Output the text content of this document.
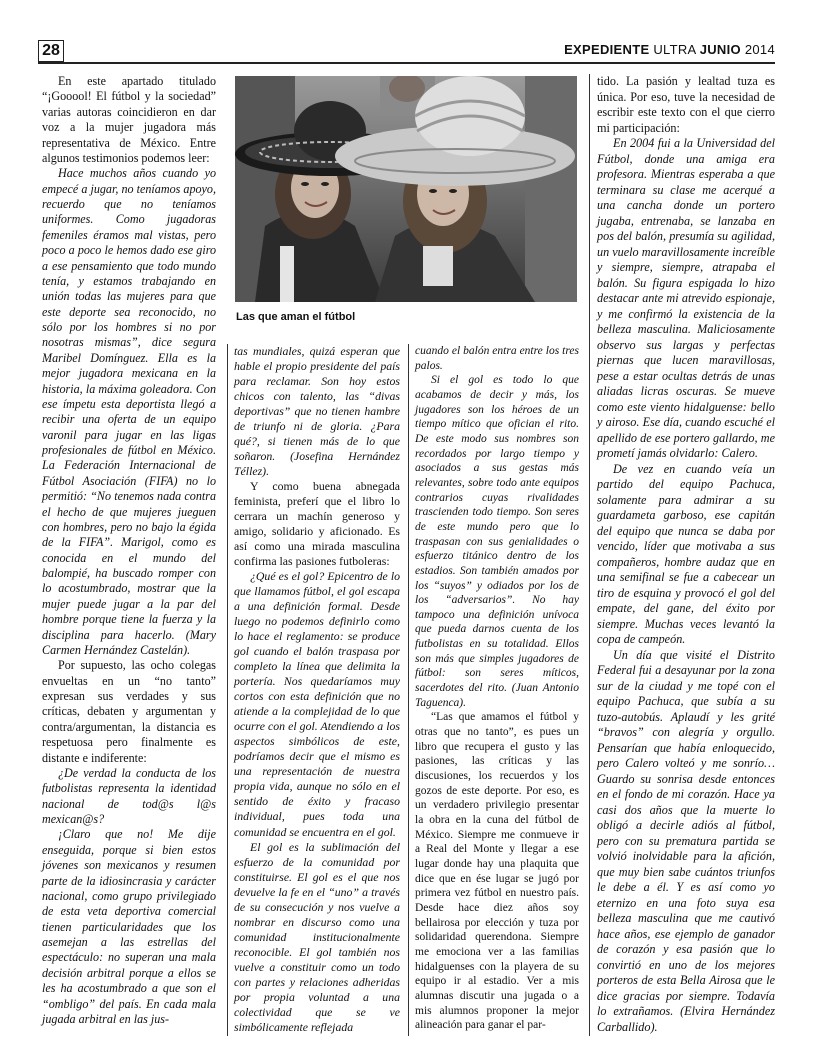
28	EXPEDIENTE ULTRA JUNIO 2014

En este apartado titulado “¡Gooool! El fútbol y la sociedad” varias autoras coincidieron en dar voz a la mujer jugadora más representativa de México. Entre algunos testimonios podemos leer:

Hace muchos años cuando yo empecé a jugar, no teníamos apoyo, recuerdo que no teníamos uniformes. Como jugadoras femeniles éramos mal vistas, pero poco a poco le hemos dado ese giro a ese pensamiento que todo mundo tenía, y estamos trabajando en unión todas las mujeres para que este deporte sea reconocido, no sólo por los hombres si no por nosotras mismas”, dice segura Maribel Domínguez. Ella es la mejor jugadora mexicana en la historia, la máxima goleadora. Con ese ímpetu esta deportista llegó a recibir una oferta de un equipo varonil para jugar en las ligas profesionales de fútbol en México. La Federación Internacional de Fútbol Asociación (FIFA) no lo permitió: “No tenemos nada contra el hecho de que mujeres jueguen con hombres, pero no bajo la égida de la FIFA”. Marigol, como es conocida en el mundo del balompié, ha buscado romper con lo acostumbrado, mostrar que la mujer puede jugar a la par del hombre porque tiene la fuerza y la disciplina para hacerlo. (Mary Carmen Hernández Castelán).

Por supuesto, las ocho colegas envueltas en un “no tanto” expresan sus verdades y sus críticas, debaten y argumentan y contra/argumentan, la distancia es respetuosa pero finalmente es distante e indiferente:

¿De verdad la conducta de los futbolistas representa la identidad nacional de tod@s l@s mexican@s?

¡Claro que no! Me dije enseguida, porque si bien estos jóvenes son mexicanos y resumen parte de la idiosincrasia y carácter nacional, como grupo privilegiado de esta veta deportiva comercial tienen particularidades que los asemejan a las estrellas del espectáculo: no superan una mala decisión arbitral porque a ellos se les ha acostumbrado a que son el “ombligo” del país. En cada mala jugada arbitral en las jus-

Las que aman el fútbol

tas mundiales, quizá esperan que hable el propio presidente del país para reclamar. Son hoy estos chicos con talento, las “divas deportivas” que no tienen hambre de triunfo ni de gloria. ¿Para qué?, si tienen más de lo que soñaron. (Josefina Hernández Téllez).

Y como buena abnegada feminista, preferí que el libro lo cerrara un machín generoso y amigo, solidario y aficionado. Es así como una mirada masculina confirma las pasiones futboleras:

¿Qué es el gol? Epicentro de lo que llamamos fútbol, el gol escapa a una definición formal. Desde luego no podemos definirlo como lo hace el reglamento: se produce gol cuando el balón traspasa por completo la línea que delimita la portería. Nos quedaríamos muy cortos con esta definición que no atiende a la complejidad de lo que ocurre con el gol. Atendiendo a los aspectos simbólicos de este, podríamos decir que el mismo es una representación de nuestra propia vida, aunque no sólo en el sentido de éxito y fracaso individual, pues toda una comunidad se encuentra en el gol.

El gol es la sublimación del esfuerzo de la comunidad por constituirse. El gol es el que nos devuelve la fe en el “uno” a través de su consecución y nos vuelve a nombrar en discurso como una comunidad institucionalmente reconocible. El gol también nos vuelve a constituir como un todo con partes y relaciones adheridas por propia voluntad a una colectividad que se ve simbólicamente reflejada

cuando el balón entra entre los tres palos.

Si el gol es todo lo que acabamos de decir y más, los jugadores son los héroes de un tiempo mítico que ofician el rito. De este modo sus nombres son recordados por largo tiempo y asociados a sus gestas más relevantes, sobre todo ante equipos contrarios cuyas rivalidades trascienden todo tiempo. Son seres de este mundo pero que lo traspasan con sus genialidades o esfuerzo titánico dentro de los estadios. Son también amados por los “suyos” y odiados por los de los “adversarios”. No hay tampoco una definición unívoca que pueda darnos cuenta de los futbolistas en su totalidad. Ellos son más que simples jugadores de fútbol: son seres míticos, sacerdotes del rito. (Juan Antonio Taguenca).

“Las que amamos el fútbol y otras que no tanto”, es pues un libro que recupera el gusto y las pasiones, las críticas y las discusiones, los recuerdos y los gozos de este deporte. Por eso, es un verdadero privilegio presentar la obra en la cuna del fútbol de México. Siempre me conmueve ir a Real del Monte y llegar a ese lugar donde hay una plaquita que dice que en ése lugar se jugó por primera vez fútbol en nuestro país. Desde hace diez años soy bellairosa por elección y tuza por solidaridad querendona. Siempre me emociona ver a las familias hidalguenses con la playera de su equipo ir al estadio. Ver a mis alumnas discutir una jugada o a mis alumnos proponer la mejor alineación para ganar el par-

tido. La pasión y lealtad tuza es única. Por eso, tuve la necesidad de escribir este texto con el que cierro mi participación:

En 2004 fui a la Universidad del Fútbol, donde una amiga era profesora. Mientras esperaba a que terminara su clase me acerqué a una cancha donde un portero jugaba, entrenaba, se lanzaba en pos del balón, presumía su agilidad, un vuelo maravillosamente increíble y siempre, siempre, atrapaba el balón. Su figura espigada lo hizo destacar ante mi atrevido espionaje, y me confirmó la existencia de la belleza masculina. Maliciosamente observo sus largas y perfectas piernas que lucen maravillosas, pese a estar ocultas detrás de unas aliadas licras oscuras. Se mueve como este viento hidalguense: bello y airoso. Ese día, cuando escuché el apellido de ese portero gallardo, me prometí jamás olvidarlo: Calero.

De vez en cuando veía un partido del equipo Pachuca, solamente para admirar a su guardameta garboso, ese capitán del equipo que nunca se daba por vencido, líder que motivaba a sus compañeros, hombre audaz que en una semifinal se fue a cabecear un tiro de esquina y provocó el gol del empate, del gane, del éxito por siempre. Muchas veces levantó la copa de campeón.

Un día que visité el Distrito Federal fui a desayunar por la zona sur de la ciudad y me topé con el equipo Pachuca, que subía a su tuzo-autobús. Aplaudí y les grité “bravos” con alegría y orgullo. Pensarían que había enloquecido, pero Calero volteó y me sonrío… Guardo su sonrisa desde entonces en el fondo de mi corazón. Hace ya casi dos años que la muerte lo obligó a decirle adiós al fútbol, pero con su prematura partida se volvió inolvidable para la afición, que muy bien sabe cuántos triunfos le debe a él. Y es así como yo eternizo en una foto suya esa belleza masculina que me cautivó hace años, ese ejemplo de ganador de corazón y esa pasión que lo convirtió en uno de los mejores porteros de esta Bella Airosa que le dice gracias por siempre. Todavía lo extrañamos. (Elvira Hernández Carballido).
